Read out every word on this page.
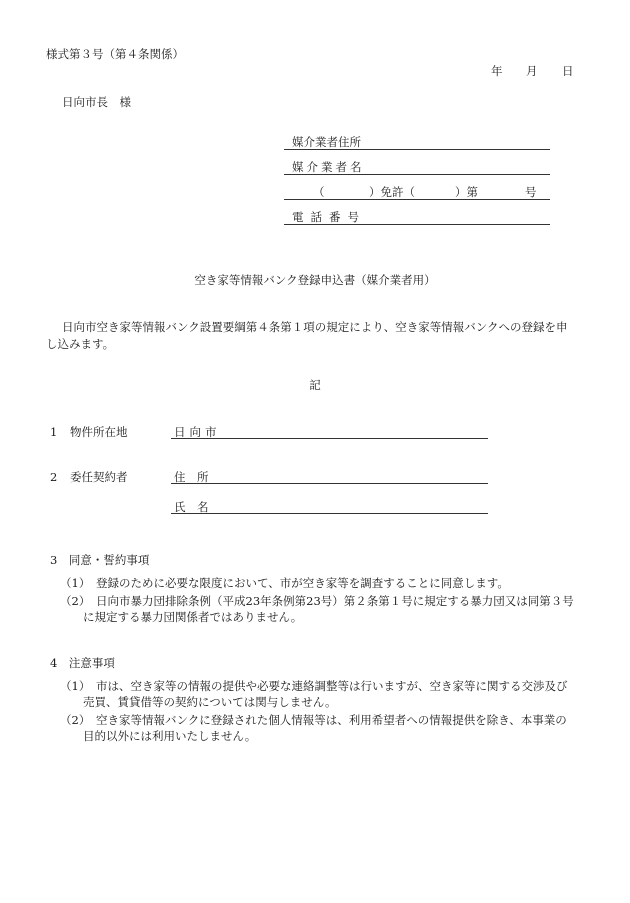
様式第３号（第４条関係）
年 月 日
日向市長　様
媒介業者住所
媒介業者名
（	）免許（	）第	号
電話番号
空き家等情報バンク登録申込書（媒介業者用）
日向市空き家等情報バンク設置要綱第４条第１項の規定により、空き家等情報バンクへの登録を申
し込みます。
記
1 物件所在地	日向市
2 委任契約者	住　所
氏　名
3　同意・誓約事項
（1） 登録のために必要な限度において、市が空き家等を調査することに同意します。
（2） 日向市暴力団排除条例（平成23年条例第23号）第２条第１号に規定する暴力団又は同第３号
に規定する暴力団関係者ではありません。
4　注意事項
（1） 市は、空き家等の情報の提供や必要な連絡調整等は行いますが、空き家等に関する交渉及び
売買、賃貸借等の契約については関与しません。
（2） 空き家等情報バンクに登録された個人情報等は、利用希望者への情報提供を除き、本事業の
目的以外には利用いたしません。
